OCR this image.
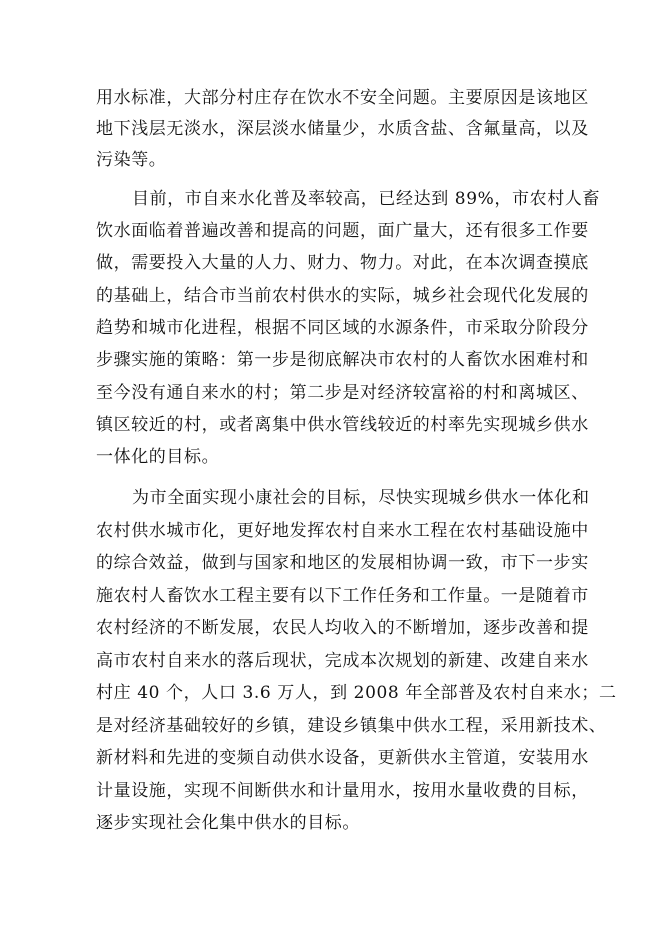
用水标准，大部分村庄存在饮水不安全问题。主要原因是该地区
地下浅层无淡水，深层淡水储量少，水质含盐、含氟量高，以及
污染等。
目前，市自来水化普及率较高，已经达到 89%，市农村人畜
饮水面临着普遍改善和提高的问题，面广量大，还有很多工作要
做，需要投入大量的人力、财力、物力。对此，在本次调查摸底
的基础上，结合市当前农村供水的实际，城乡社会现代化发展的
趋势和城市化进程，根据不同区域的水源条件，市采取分阶段分
步骤实施的策略：第一步是彻底解决市农村的人畜饮水困难村和
至今没有通自来水的村；第二步是对经济较富裕的村和离城区、
镇区较近的村，或者离集中供水管线较近的村率先实现城乡供水
一体化的目标。
为市全面实现小康社会的目标，尽快实现城乡供水一体化和
农村供水城市化，更好地发挥农村自来水工程在农村基础设施中
的综合效益，做到与国家和地区的发展相协调一致，市下一步实
施农村人畜饮水工程主要有以下工作任务和工作量。一是随着市
农村经济的不断发展，农民人均收入的不断增加，逐步改善和提
高市农村自来水的落后现状，完成本次规划的新建、改建自来水
村庄 40 个，人口 3.6 万人，到 2008 年全部普及农村自来水；二
是对经济基础较好的乡镇，建设乡镇集中供水工程，采用新技术、
新材料和先进的变频自动供水设备，更新供水主管道，安装用水
计量设施，实现不间断供水和计量用水，按用水量收费的目标，
逐步实现社会化集中供水的目标。
